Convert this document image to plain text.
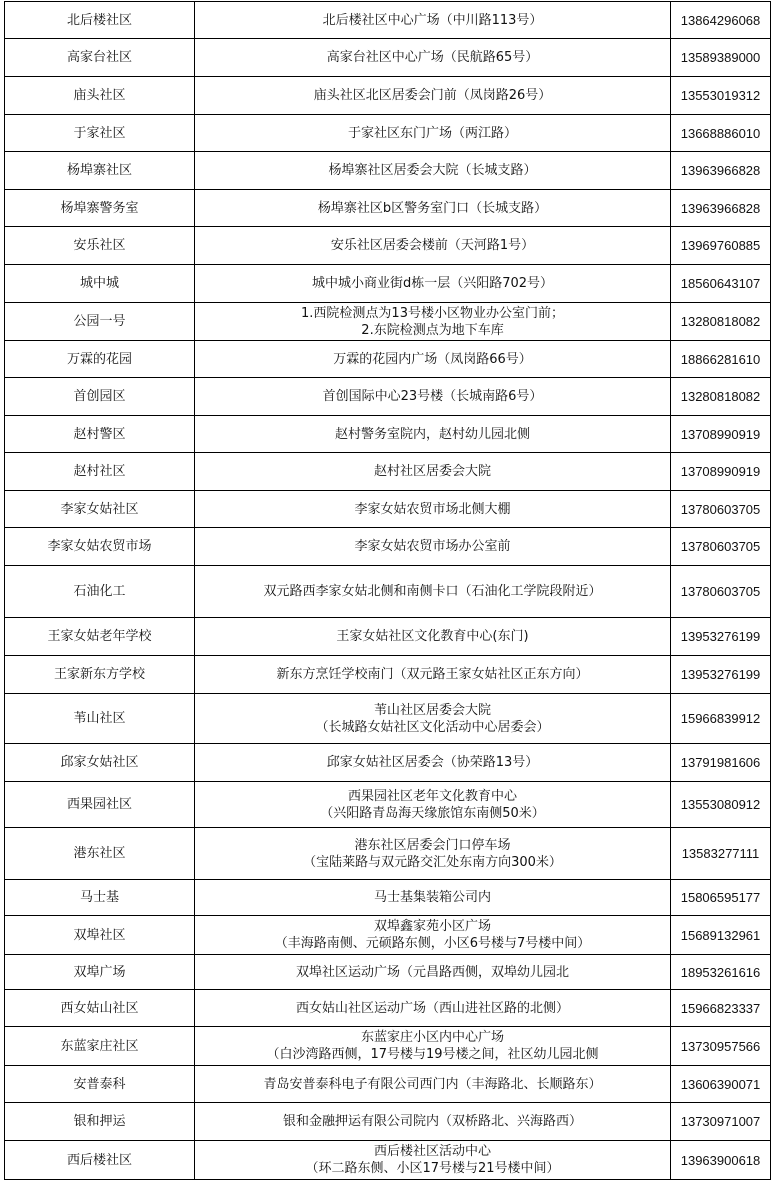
北后楼社区	北后楼社区中心广场（中川路113号）	13864296068
高家台社区	高家台社区中心广场（民航路65号）	13589389000
庙头社区	庙头社区北区居委会门前（凤岗路26号）	13553019312
于家社区	于家社区东门广场（两江路）	13668886010
杨埠寨社区	杨埠寨社区居委会大院（长城支路）	13963966828
杨埠寨警务室	杨埠寨社区b区警务室门口（长城支路）	13963966828
安乐社区	安乐社区居委会楼前（天河路1号）	13969760885
城中城	城中城小商业街d栋一层（兴阳路702号）	18560643107
公园一号	1.西院检测点为13号楼小区物业办公室门前；
2.东院检测点为地下车库	13280818082
万霖的花园	万霖的花园内广场（凤岗路66号）	18866281610
首创园区	首创国际中心23号楼（长城南路6号）	13280818082
赵村警区	赵村警务室院内，赵村幼儿园北侧	13708990919
赵村社区	赵村社区居委会大院	13708990919
李家女姑社区	李家女姑农贸市场北侧大棚	13780603705
李家女姑农贸市场	李家女姑农贸市场办公室前	13780603705
石油化工	双元路西李家女姑北侧和南侧卡口（石油化工学院段附近）	13780603705
王家女姑老年学校	王家女姑社区文化教育中心(东门)	13953276199
王家新东方学校	新东方烹饪学校南门（双元路王家女姑社区正东方向）	13953276199
苇山社区	苇山社区居委会大院
（长城路女姑社区文化活动中心居委会）	15966839912
邱家女姑社区	邱家女姑社区居委会（协荣路13号）	13791981606
西果园社区	西果园社区老年文化教育中心
（兴阳路青岛海天缘旅馆东南侧50米）	13553080912
港东社区	港东社区居委会门口停车场
（宝陆莱路与双元路交汇处东南方向300米）	13583277111
马士基	马士基集装箱公司内	15806595177
双埠社区	双埠鑫家苑小区广场
（丰海路南侧、元硕路东侧，小区6号楼与7号楼中间）	15689132961
双埠广场	双埠社区运动广场（元昌路西侧，双埠幼儿园北	18953261616
西女姑山社区	西女姑山社区运动广场（西山进社区路的北侧）	15966823337
东蓝家庄社区	东蓝家庄小区内中心广场
（白沙湾路西侧，17号楼与19号楼之间，社区幼儿园北侧	13730957566
安普泰科	青岛安普泰科电子有限公司西门内（丰海路北、长顺路东）	13606390071
银和押运	银和金融押运有限公司院内（双桥路北、兴海路西）	13730971007
西后楼社区	西后楼社区活动中心
（环二路东侧、小区17号楼与21号楼中间）	13963900618
